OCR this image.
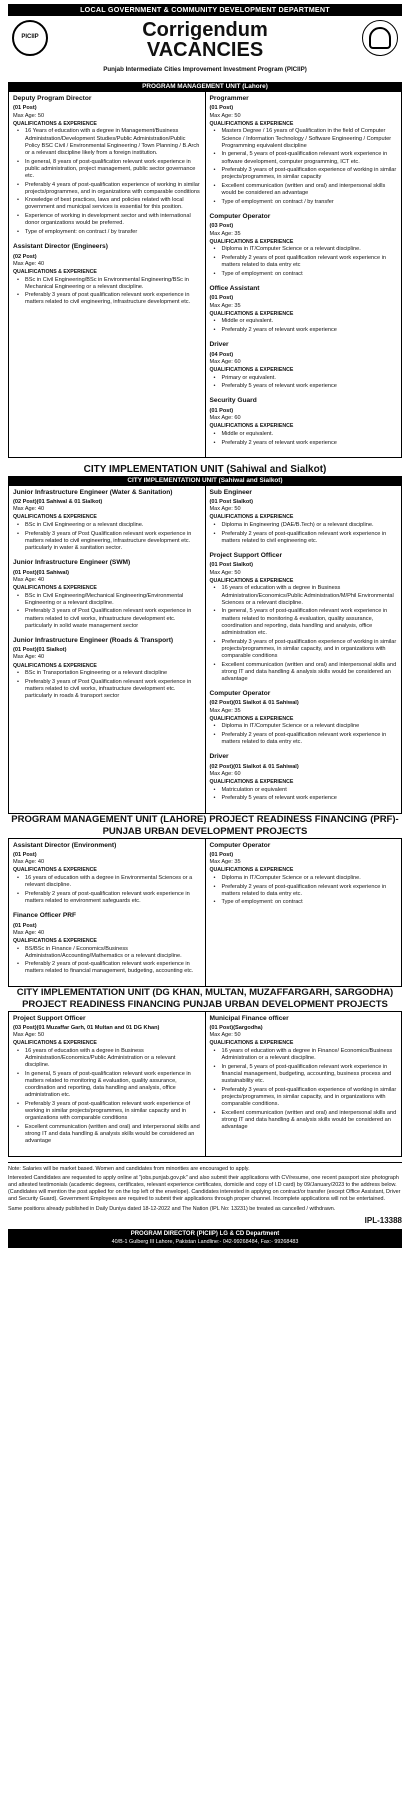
LOCAL GOVERNMENT & COMMUNITY DEVELOPMENT DEPARTMENT
PICIIP	Corrigendum
VACANCIES
Punjab Intermediate Cities Improvement Investment Program (PICIIP)
PROGRAM MANAGEMENT UNIT (Lahore)
Deputy Program Director
(01 Post)
Max Age: 50
QUALIFICATIONS & EXPERIENCE
• 16 Years of education with a degree in Management/Business Administration/Development Studies/Public Administration/Public Policy BSC Civil / Environmental Engineering / Town Planning / B.Arch or a relevant discipline likely from a foreign institution.
• In general, 8 years of post-qualification relevant work experience in public administration, project management, public sector governance etc.
• Preferably 4 years of post-qualification experience of working in similar projects/programmes, and in organizations with comparable conditions
• Knowledge of best practices, laws and policies related with local government and municipal services is essential for this position.
• Experience of working in development sector and with international donor organizations would be preferred.
• Type of employment: on contract / by transfer
Assistant Director (Engineers)
(02 Post)
Max Age: 40
QUALIFICATIONS & EXPERIENCE
• BSc in Civil Engineering/BSc in Environmental Engineering/BSc in Mechanical Engineering or a relevant discipline.
• Preferably 3 years of post qualification relevant work experience in matters related to civil engineering, infrastructure development etc.
Programmer
(01 Post)
Max Age: 50
QUALIFICATIONS & EXPERIENCE
• Masters Degree / 16 years of Qualification in the field of Computer Science / Information Technology / Software Engineering / Computer Programming equivalent discipline
• In general, 5 years of post-qualification relevant work experience in software development, computer programming, ICT etc.
• Preferably 3 years of post-qualification experience of working in similar projects/programmes, in similar capacity
• Excellent communication (written and oral) and interpersonal skills would be considered an advantage
• Type of employment: on contract / by transfer
Computer Operator
(03 Post)
Max Age: 35
QUALIFICATIONS & EXPERIENCE
• Diploma in IT/Computer Science or a relevant discipline.
• Preferably 2 years of post qualification relevant work experience in matters related to data entry etc
• Type of employment: on contract
Office Assistant
(01 Post)
Max Age: 35
QUALIFICATIONS & EXPERIENCE
• Middle or equivalent.
• Preferably 2 years of relevant work experience
Driver
(04 Post)
Max Age: 60
QUALIFICATIONS & EXPERIENCE
• Primary or equivalent.
• Preferably 5 years of relevant work experience
Security Guard
(01 Post)
Max Age: 60
QUALIFICATIONS & EXPERIENCE
• Middle or equivalent.
• Preferably 2 years of relevant work experience
CITY IMPLEMENTATION UNIT (Sahiwal and Sialkot)
CITY IMPLEMENTATION UNIT (Sahiwal and Sialkot)
Junior Infrastructure Engineer (Water & Sanitation)
(02 Post)(01 Sahiwal & 01 Sialkot)
Max Age: 40
QUALIFICATIONS & EXPERIENCE
• BSc in Civil Engineering or a relevant discipline.
• Preferably 3 years of Post Qualification relevant work experience in matters related to civil engineering, infrastructure development etc. particularly in water & sanitation sector.
Junior Infrastructure Engineer (SWM)
(01 Post)(01 Sahiwal)
Max Age: 40
QUALIFICATIONS & EXPERIENCE
• BSc in Civil Engineering/Mechanical Engineering/Environmental Engineering or a relevant discipline.
• Preferably 3 years of Post Qualification relevant work experience in matters related to civil works, infrastructure development etc. particularly in solid waste management sector
Junior Infrastructure Engineer (Roads & Transport)
(01 Post)(01 Sialkot)
Max Age: 40
QUALIFICATIONS & EXPERIENCE
• BSc in Transportation Engineering or a relevant discipline
• Preferably 3 years of Post Qualification relevant work experience in matters related to civil works, infrastructure development etc. particularly in roads & transport sector
Sub Engineer
(01 Post Sialkot)
Max Age: 50
QUALIFICATIONS & EXPERIENCE
• Diploma in Engineering (DAE/B.Tech) or a relevant discipline.
• Preferably 2 years of post-qualification relevant work experience in matters related to civil engineering etc.
Project Support Officer
(01 Post Sialkot)
Max Age: 50
QUALIFICATIONS & EXPERIENCE
• 16 years of education with a degree in Business Administration/Economics/Public Administration/M/Phil Environmental Sciences or a relevant discipline.
• In general, 5 years of post-qualification relevant work experience in matters related to monitoring & evaluation, quality assurance, coordination and reporting, data handling and analysis, office administration etc.
• Preferably 3 years of post-qualification experience of working in similar projects/programmes, in similar capacity, and in organizations with comparable conditions
• Excellent communication (written and oral) and interpersonal skills and strong IT and data handling & analysis skills would be considered an advantage
Computer Operator
(02 Post)(01 Sialkot & 01 Sahiwal)
Max Age: 35
QUALIFICATIONS & EXPERIENCE
• Diploma in IT/Computer Science or a relevant discipline
• Preferably 2 years of post-qualification relevant work experience in matters related to data entry etc.
Driver
(02 Post)(01 Sialkot & 01 Sahiwal)
Max Age: 60
QUALIFICATIONS & EXPERIENCE
• Matriculation or equivalent
• Preferably 5 years of relevant work experience
PROGRAM MANAGEMENT UNIT (LAHORE) PROJECT READINESS FINANCING (PRF)-PUNJAB URBAN DEVELOPMENT PROJECTS
Assistant Director (Environment)
(01 Post)
Max Age: 40
QUALIFICATIONS & EXPERIENCE
• 16 years of education with a degree in Environmental Sciences or a relevant discipline.
• Preferably 2 years of post-qualification relevant work experience in matters related to environment safeguards etc.
Finance Officer PRF
(01 Post)
Max Age: 40
QUALIFICATIONS & EXPERIENCE
• BS/BSc in Finance / Economics/Business Administration/Accounting/Mathematics or a relevant discipline.
• Preferably 2 years of post-qualification relevant work experience in matters related to financial management, budgeting, accounting etc.
Computer Operator
(01 Post)
Max Age: 35
QUALIFICATIONS & EXPERIENCE
• Diploma in IT/Computer Science or a relevant discipline.
• Preferably 2 years of post-qualification relevant work experience in matters related to data entry etc.
• Type of employment: on contract
CITY IMPLEMENTATION UNIT (DG KHAN, MULTAN, MUZAFFARGARH, SARGODHA) PROJECT READINESS FINANCING PUNJAB URBAN DEVELOPMENT PROJECTS
Project Support Officer
(03 Post)(01 Muzaffar Garh, 01 Multan and 01 DG Khan)
Max Age: 50
QUALIFICATIONS & EXPERIENCE
• 16 years of education with a degree in Business Administration/Economics/Public Administration or a relevant discipline.
• In general, 5 years of post-qualification relevant work experience in matters related to monitoring & evaluation, quality assurance, coordination and reporting, data handling and analysis, office administration etc.
• Preferably 3 years of post-qualification relevant work experience of working in similar projects/programmes, in similar capacity and in organizations with comparable conditions
• Excellent communication (written and oral) and interpersonal skills and strong IT and data handling & analysis skills would be considered an advantage
Municipal Finance officer
(01 Post)(Sargodha)
Max Age: 50
QUALIFICATIONS & EXPERIENCE
• 16 years of education with a degree in Finance/ Economics/Business Administration or a relevant discipline.
• In general, 5 years of post-qualification relevant work experience in financial management, budgeting, accounting, business process and sustainability etc.
• Preferably 3 years of post-qualification experience of working in similar projects/programmes, in similar capacity, and in organizations with comparable conditions.
• Excellent communication (written and oral) and interpersonal skills and strong IT and data handling & analysis skills would be considered an advantage

Note: Salaries will be market based. Women and candidates from minorities are encouraged to apply.

Interested Candidates are requested to apply online at "jobs.punjab.gov.pk" and also submit their applications with CV/resume, one recent passport size photograph and attested testimonials (academic degrees, certificates, relevant experience certificates, domicile and copy of I.D card) by 09/January/2023 to the address below. (Candidates will mention the post applied for on the top left of the envelope). Candidates interested in applying on contract/or transfer (except Office Assistant, Driver and Security Guard). Government Employees are required to submit their applications through proper channel. Incomplete applications will not be entertained.

Same positions already published in Daily Duniya dated 18-12-2022 and The Nation (IPL No: 13231) be treated as cancelled / withdrawn.

IPL-13388
PROGRAM DIRECTOR (PICIIP) LG & CD Department
40/B-1 Gulberg III Lahore, Pakistan Landline:- 042-99268484, Fax:- 99268483
